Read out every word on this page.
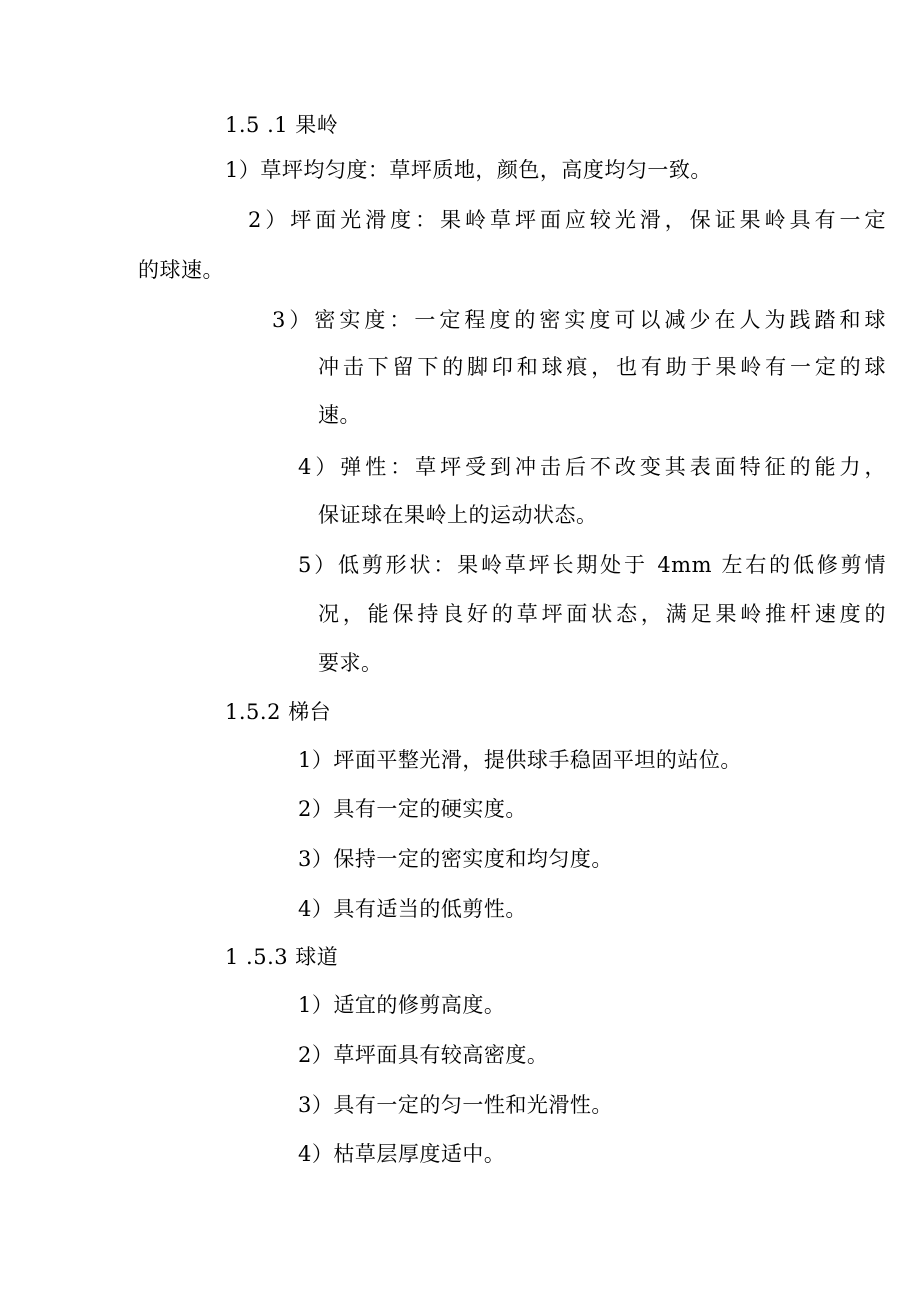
1.5 .1 果岭
1）草坪均匀度：草坪质地，颜色，高度均匀一致。
2）坪面光滑度：果岭草坪面应较光滑，保证果岭具有一定
的球速。
3）密实度：一定程度的密实度可以减少在人为践踏和球
冲击下留下的脚印和球痕，也有助于果岭有一定的球
速。
4）弹性：草坪受到冲击后不改变其表面特征的能力，
保证球在果岭上的运动状态。
5）低剪形状：果岭草坪长期处于 4mm 左右的低修剪情
况，能保持良好的草坪面状态，满足果岭推杆速度的
要求。
1.5.2 梯台
1）坪面平整光滑，提供球手稳固平坦的站位。
2）具有一定的硬实度。
3）保持一定的密实度和均匀度。
4）具有适当的低剪性。
1 .5.3 球道
1）适宜的修剪高度。
2）草坪面具有较高密度。
3）具有一定的匀一性和光滑性。
4）枯草层厚度适中。
